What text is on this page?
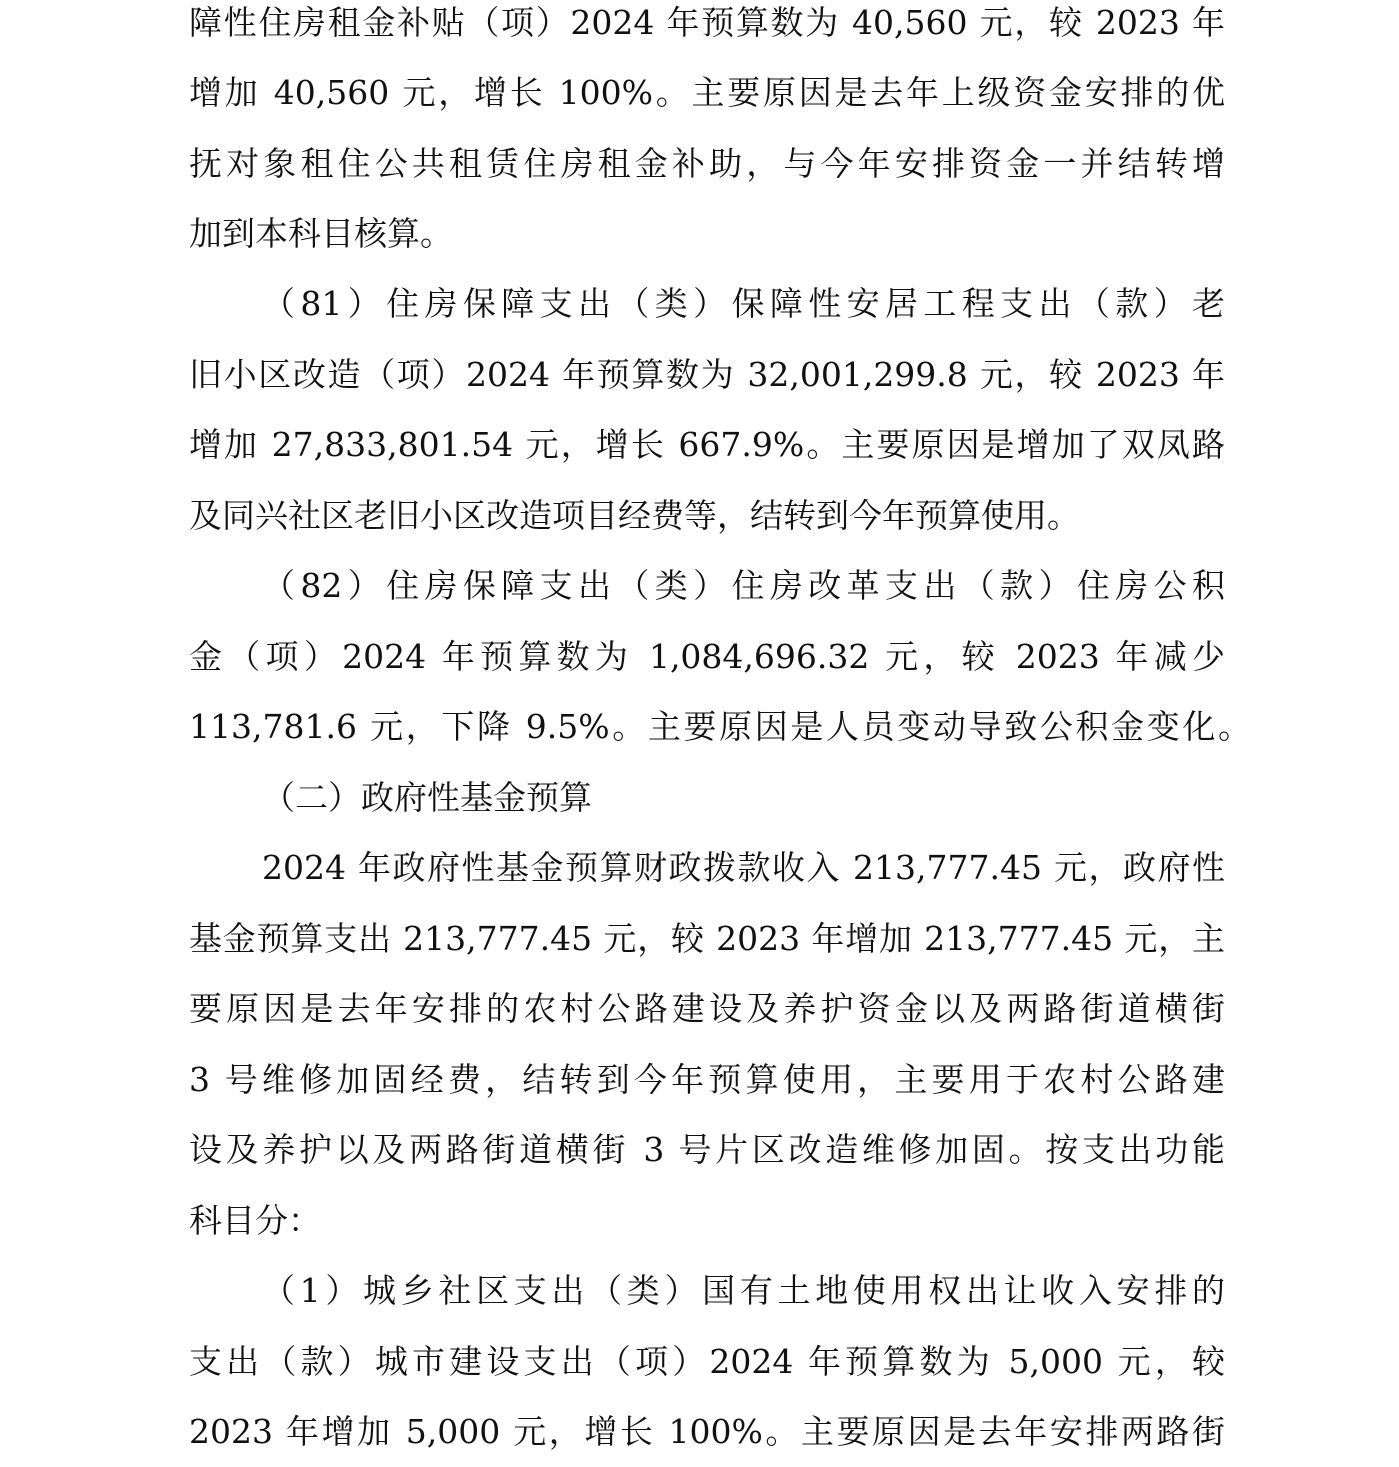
障性住房租金补贴（项）2024 年预算数为 40,560 元，较 2023 年
增加 40,560 元，增长 100%。主要原因是去年上级资金安排的优
抚对象租住公共租赁住房租金补助，与今年安排资金一并结转增
加到本科目核算。
（81）住房保障支出（类）保障性安居工程支出（款）老
旧小区改造（项）2024 年预算数为 32,001,299.8 元，较 2023 年
增加 27,833,801.54 元，增长 667.9%。主要原因是增加了双凤路
及同兴社区老旧小区改造项目经费等，结转到今年预算使用。
（82）住房保障支出（类）住房改革支出（款）住房公积
金（项）2024 年预算数为 1,084,696.32 元，较 2023 年减少
113,781.6 元，下降 9.5%。主要原因是人员变动导致公积金变化。
（二）政府性基金预算
2024 年政府性基金预算财政拨款收入 213,777.45 元，政府性
基金预算支出 213,777.45 元，较 2023 年增加 213,777.45 元，主
要原因是去年安排的农村公路建设及养护资金以及两路街道横街
3 号维修加固经费，结转到今年预算使用，主要用于农村公路建
设及养护以及两路街道横街 3 号片区改造维修加固。按支出功能
科目分：
（1）城乡社区支出（类）国有土地使用权出让收入安排的
支出（款）城市建设支出（项）2024 年预算数为 5,000 元，较
2023 年增加 5,000 元，增长 100%。主要原因是去年安排两路街
